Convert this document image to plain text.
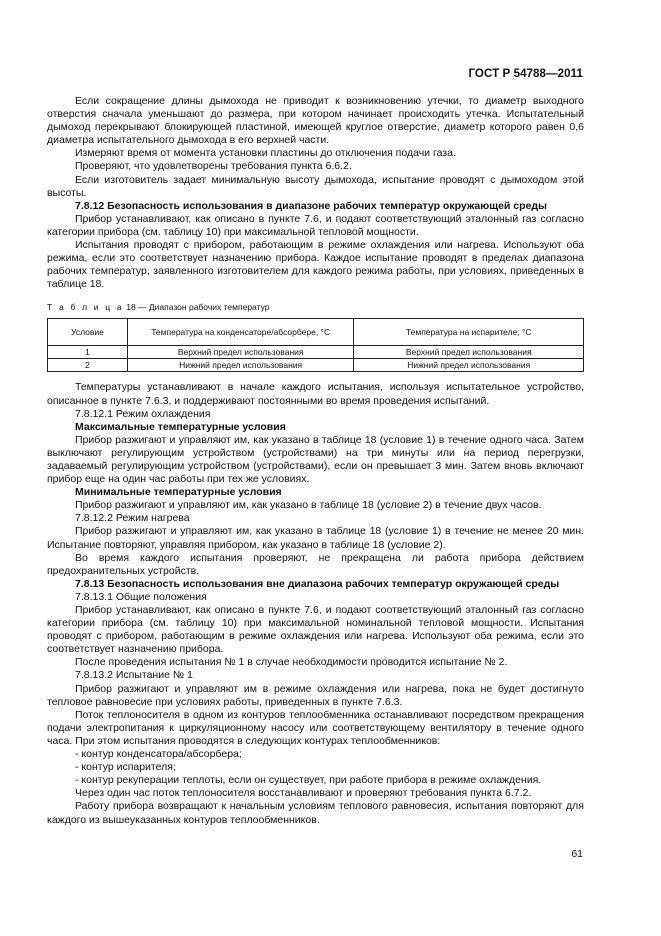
ГОСТ Р 54788—2011

Если сокращение длины дымохода не приводит к возникновению утечки, то диаметр выходного отверстия сначала уменьшают до размера, при котором начинает происходить утечка. Испытательный дымоход перекрывают блокирующей пластиной, имеющей круглое отверстие, диаметр которого равен 0,6 диаметра испытательного дымохода в его верхней части.

Измеряют время от момента установки пластины до отключения подачи газа.

Проверяют, что удовлетворены требования пункта 6.6.2.

Если изготовитель задает минимальную высоту дымохода, испытание проводят с дымоходом этой высоты.

7.8.12 Безопасность использования в диапазоне рабочих температур окружающей среды

Прибор устанавливают, как описано в пункте 7.6, и подают соответствующий эталонный газ согласно категории прибора (см. таблицу 10) при максимальной тепловой мощности.

Испытания проводят с прибором, работающим в режиме охлаждения или нагрева. Используют оба режима, если это соответствует назначению прибора. Каждое испытание проводят в пределах диапазона рабочих температур, заявленного изготовителем для каждого режима работы, при условиях, приведенных в таблице 18.

Т а б л и ц а 18 — Диапазон рабочих температур

Условие	Температура на конденсаторе/абсорбере, °С	Температура на испарителе, °С
1	Верхний предел использования	Верхний предел использования
2	Нижний предел использования	Нижний предел использования

Температуры устанавливают в начале каждого испытания, используя испытательное устройство, описанное в пункте 7.6.3, и поддерживают постоянными во время проведения испытаний.

7.8.12.1 Режим охлаждения

Максимальные температурные условия

Прибор разжигают и управляют им, как указано в таблице 18 (условие 1) в течение одного часа. Затем выключают регулирующим устройством (устройствами) на три минуты или на период перегрузки, задаваемый регулирующим устройством (устройствами), если он превышает 3 мин. Затем вновь включают прибор еще на один час работы при тех же условиях.

Минимальные температурные условия

Прибор разжигают и управляют им, как указано в таблице 18 (условие 2) в течение двух часов.

7.8.12.2 Режим нагрева

Прибор разжигают и управляют им, как указано в таблице 18 (условие 1) в течение не менее 20 мин. Испытание повторяют, управляя прибором, как указано в таблице 18 (условие 2).

Во время каждого испытания проверяют, не прекращена ли работа прибора действием предохранительных устройств.

7.8.13 Безопасность использования вне диапазона рабочих температур окружающей среды

7.8.13.1 Общие положения

Прибор устанавливают, как описано в пункте 7.6, и подают соответствующий эталонный газ согласно категории прибора (см. таблицу 10) при максимальной номинальной тепловой мощности. Испытания проводят с прибором, работающим в режиме охлаждения или нагрева. Используют оба режима, если это соответствует назначению прибора.

После проведения испытания № 1 в случае необходимости проводится испытание № 2.

7.8.13.2 Испытание № 1

Прибор разжигают и управляют им в режиме охлаждения или нагрева, пока не будет достигнуто тепловое равновесие при условиях работы, приведенных в пункте 7.6.3.

Поток теплоносителя в одном из контуров теплообменника останавливают посредством прекращения подачи электропитания к циркуляционному насосу или соответствующему вентилятору в течение одного часа. При этом испытания проводятся в следующих контурах теплообменников:

- контур конденсатора/абсорбера;

- контур испарителя;

- контур рекуперации теплоты, если он существует, при работе прибора в режиме охлаждения.

Через один час поток теплоносителя восстанавливают и проверяют требования пункта 6.7.2.

Работу прибора возвращают к начальным условиям теплового равновесия, испытания повторяют для каждого из вышеуказанных контуров теплообменников.

61
